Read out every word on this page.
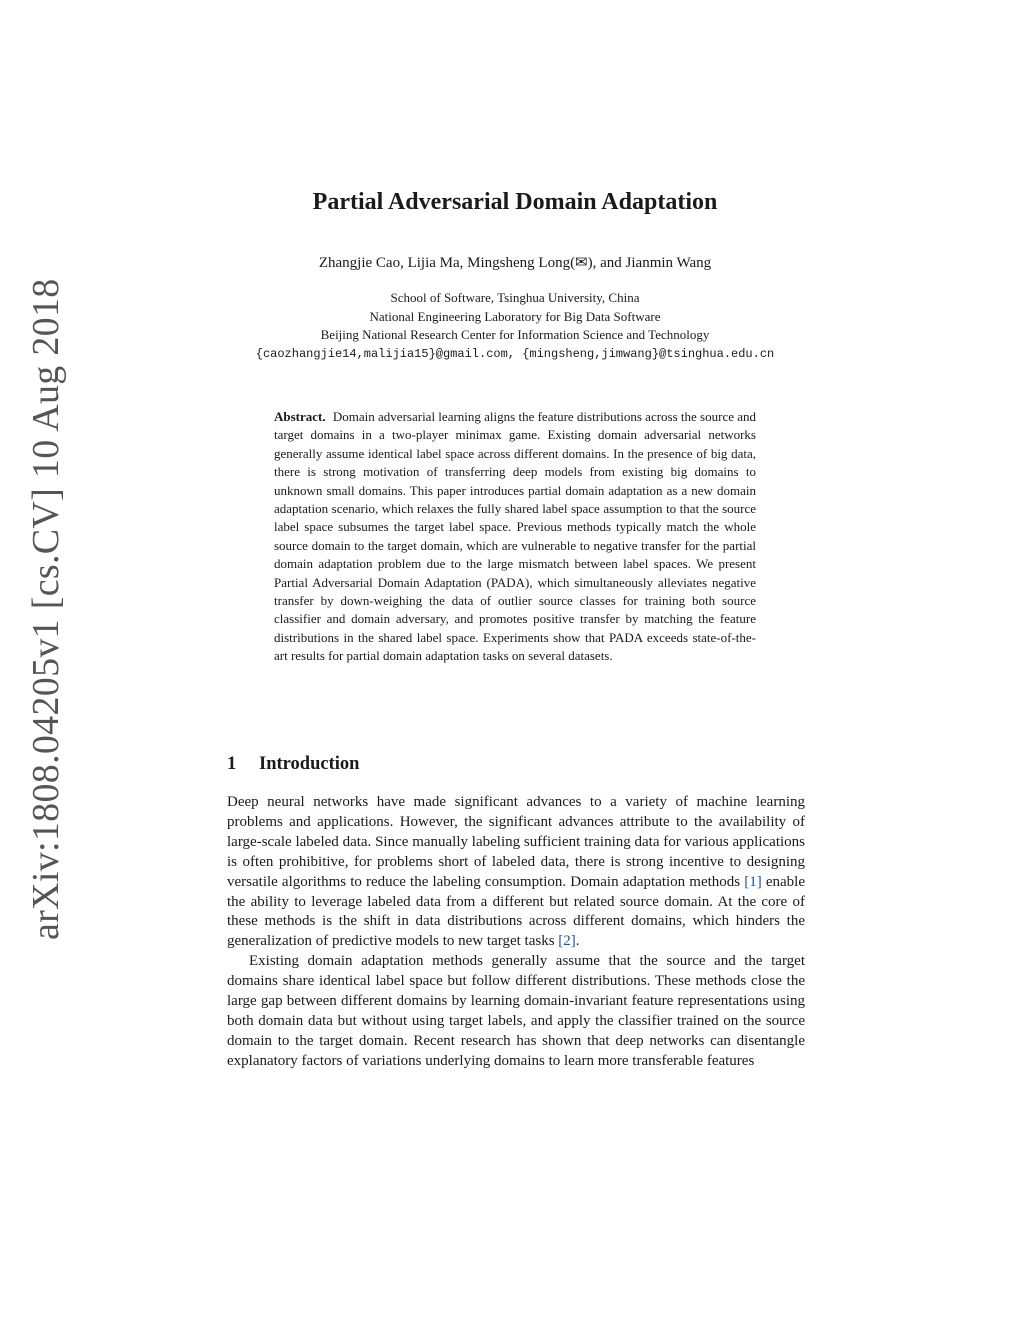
arXiv:1808.04205v1 [cs.CV] 10 Aug 2018
Partial Adversarial Domain Adaptation
Zhangjie Cao, Lijia Ma, Mingsheng Long(✉), and Jianmin Wang
School of Software, Tsinghua University, China
National Engineering Laboratory for Big Data Software
Beijing National Research Center for Information Science and Technology
{caozhangjie14,malijia15}@gmail.com, {mingsheng,jimwang}@tsinghua.edu.cn
Abstract. Domain adversarial learning aligns the feature distributions across the source and target domains in a two-player minimax game. Existing domain adversarial networks generally assume identical label space across different domains. In the presence of big data, there is strong motivation of transferring deep models from existing big domains to unknown small domains. This paper introduces partial domain adaptation as a new domain adaptation scenario, which relaxes the fully shared label space assumption to that the source label space subsumes the target label space. Previous methods typically match the whole source domain to the target domain, which are vulnerable to negative transfer for the partial domain adaptation problem due to the large mismatch between label spaces. We present Partial Adversarial Domain Adaptation (PADA), which simultaneously alleviates negative transfer by down-weighing the data of outlier source classes for training both source classifier and domain adversary, and promotes positive transfer by matching the feature distributions in the shared label space. Experiments show that PADA exceeds state-of-the-art results for partial domain adaptation tasks on several datasets.
1 Introduction

Deep neural networks have made significant advances to a variety of machine learning problems and applications. However, the significant advances attribute to the availability of large-scale labeled data. Since manually labeling sufficient training data for various applications is often prohibitive, for problems short of labeled data, there is strong incentive to designing versatile algorithms to reduce the labeling consumption. Domain adaptation methods [1] enable the ability to leverage labeled data from a different but related source domain. At the core of these methods is the shift in data distributions across different domains, which hinders the generalization of predictive models to new target tasks [2].

Existing domain adaptation methods generally assume that the source and the target domains share identical label space but follow different distributions. These methods close the large gap between different domains by learning domain-invariant feature representations using both domain data but without using target labels, and apply the classifier trained on the source domain to the target domain. Recent research has shown that deep networks can disentangle explanatory factors of variations underlying domains to learn more transferable features
